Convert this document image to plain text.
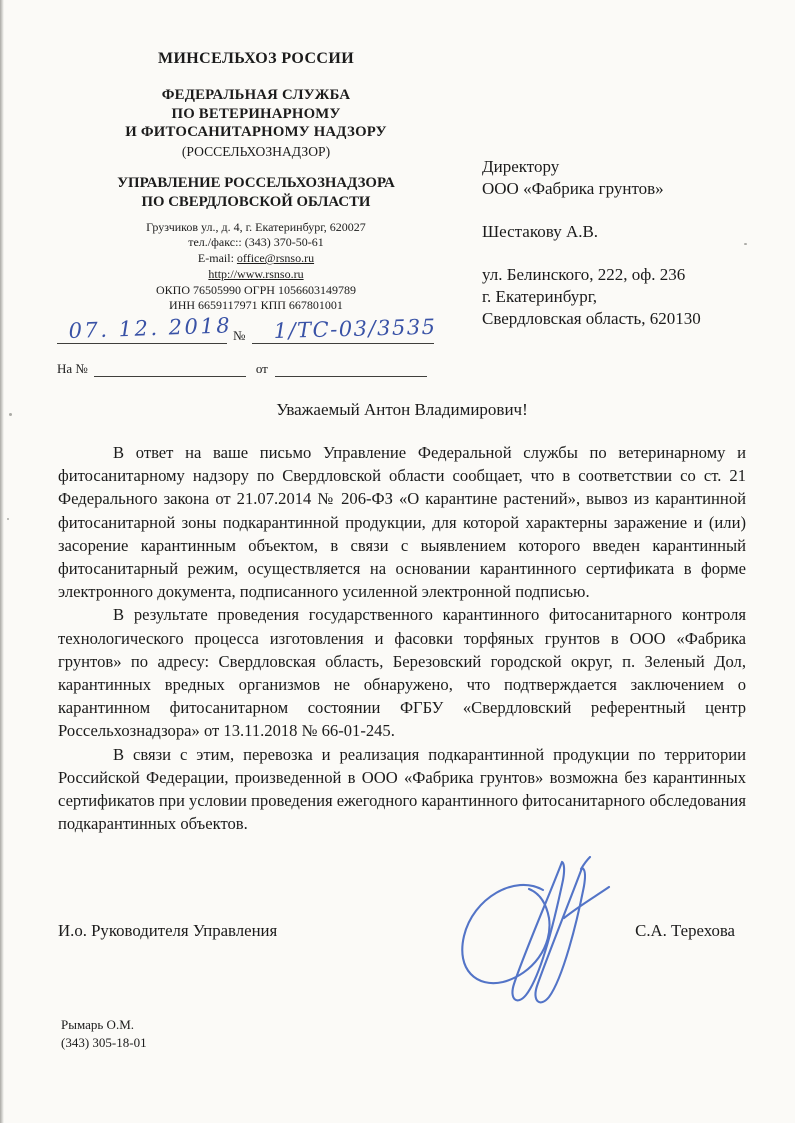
МИНСЕЛЬХОЗ РОССИИ
ФЕДЕРАЛЬНАЯ СЛУЖБА
ПО ВЕТЕРИНАРНОМУ
И ФИТОСАНИТАРНОМУ НАДЗОРУ
(РОССЕЛЬХОЗНАДЗОР)
УПРАВЛЕНИЕ РОССЕЛЬХОЗНАДЗОРА
ПО СВЕРДЛОВСКОЙ ОБЛАСТИ
Грузчиков ул., д. 4, г. Екатеринбург, 620027
тел./факс:: (343) 370-50-61
E-mail: office@rsnso.ru
http://www.rsnso.ru
ОКПО 76505990 ОГРН 1056603149789
ИНН 6659117971 КПП 667801001
07. 12. 2018 № 1/ТС-03/3535
На №	от
Директору
ООО «Фабрика грунтов»
Шестакову А.В.
ул. Белинского, 222, оф. 236
г. Екатеринбург,
Свердловская область, 620130
Уважаемый Антон Владимирович!

В ответ на ваше письмо Управление Федеральной службы по ветеринарному и фитосанитарному надзору по Свердловской области сообщает, что в соответствии со ст. 21 Федерального закона от 21.07.2014 № 206-ФЗ «О карантине растений», вывоз из карантинной фитосанитарной зоны подкарантинной продукции, для которой характерны заражение и (или) засорение карантинным объектом, в связи с выявлением которого введен карантинный фитосанитарный режим, осуществляется на основании карантинного сертификата в форме электронного документа, подписанного усиленной электронной подписью.

В результате проведения государственного карантинного фитосанитарного контроля технологического процесса изготовления и фасовки торфяных грунтов в ООО «Фабрика грунтов» по адресу: Свердловская область, Березовский городской округ, п. Зеленый Дол, карантинных вредных организмов не обнаружено, что подтверждается заключением о карантинном фитосанитарном состоянии ФГБУ «Свердловский референтный центр Россельхознадзора» от 13.11.2018 № 66-01-245.

В связи с этим, перевозка и реализация подкарантинной продукции по территории Российской Федерации, произведенной в ООО «Фабрика грунтов» возможна без карантинных сертификатов при условии проведения ежегодного карантинного фитосанитарного обследования подкарантинных объектов.

И.о. Руководителя Управления	С.А. Терехова
Рымарь О.М.
(343) 305-18-01
